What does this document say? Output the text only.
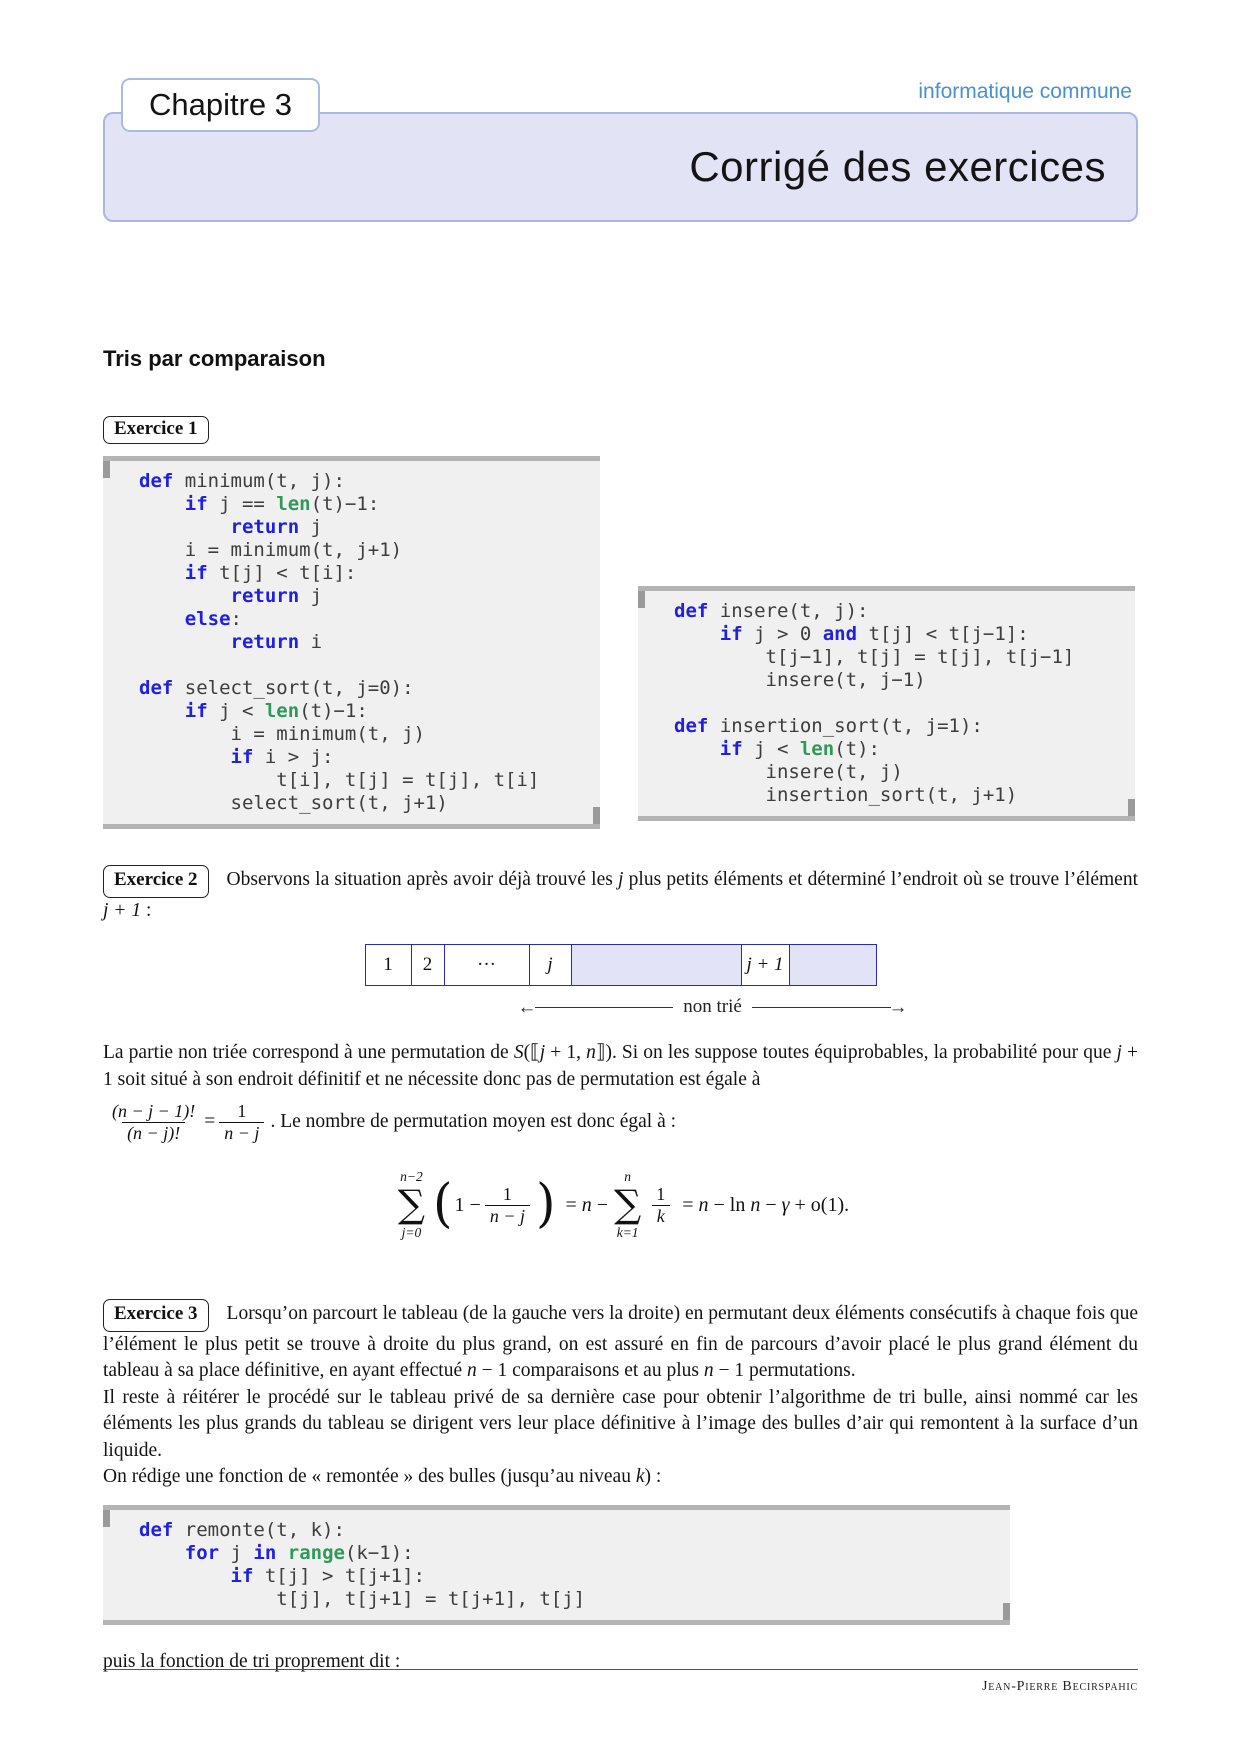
Corrigé des exercices
Chapitre 3	informatique commune
Tris par comparaison
Exercice 1
def minimum(t, j):
if j == len(t)−1:
return j
i = minimum(t, j+1)
if t[j] < t[i]:
return j
else:
return i

def select_sort(t, j=0):
if j < len(t)−1:
i = minimum(t, j)
if i > j:
t[i], t[j] = t[j], t[i]
select_sort(t, j+1)
def insere(t, j):
if j > 0 and t[j] < t[j−1]:
t[j−1], t[j] = t[j], t[j−1]
insere(t, j−1)

def insertion_sort(t, j=1):
if j < len(t):
insere(t, j)
insertion_sort(t, j+1)

Exercice 2 Observons la situation après avoir déjà trouvé les j plus petits éléments et déterminé l’endroit où se trouve l’élément j + 1 :

1	2	···	j	j + 1
←	non trié	→

La partie non triée correspond à une permutation de S(⟦j + 1, n⟧). Si on les suppose toutes équiprobables, la probabilité pour que j + 1 soit situé à son endroit définitif et ne nécessite donc pas de permutation est égale à

$\frac{(n - j - 1)!}{(n - j)!} = \frac{1}{n - j}$ . Le nombre de permutation moyen est donc égal à :
n−2
∑
j=0 ( $1 - \frac{1}{n - j}$ ) = n −
n
∑
k=1
$\frac{1}{k} = n - \ln n - \gamma + o(1)$.

Exercice 3 Lorsqu’on parcourt le tableau (de la gauche vers la droite) en permutant deux éléments consécutifs à chaque fois que l’élément le plus petit se trouve à droite du plus grand, on est assuré en fin de parcours d’avoir placé le plus grand élément du tableau à sa place définitive, en ayant effectué n − 1 comparaisons et au plus n − 1 permutations.

Il reste à réitérer le procédé sur le tableau privé de sa dernière case pour obtenir l’algorithme de tri bulle, ainsi nommé car les éléments les plus grands du tableau se dirigent vers leur place définitive à l’image des bulles d’air qui remontent à la surface d’un liquide.

On rédige une fonction de « remontée » des bulles (jusqu’au niveau k) :

def remonte(t, k):
for j in range(k−1):
if t[j] > t[j+1]:
t[j], t[j+1] = t[j+1], t[j]

puis la fonction de tri proprement dit :

Jean-Pierre Becirspahic
